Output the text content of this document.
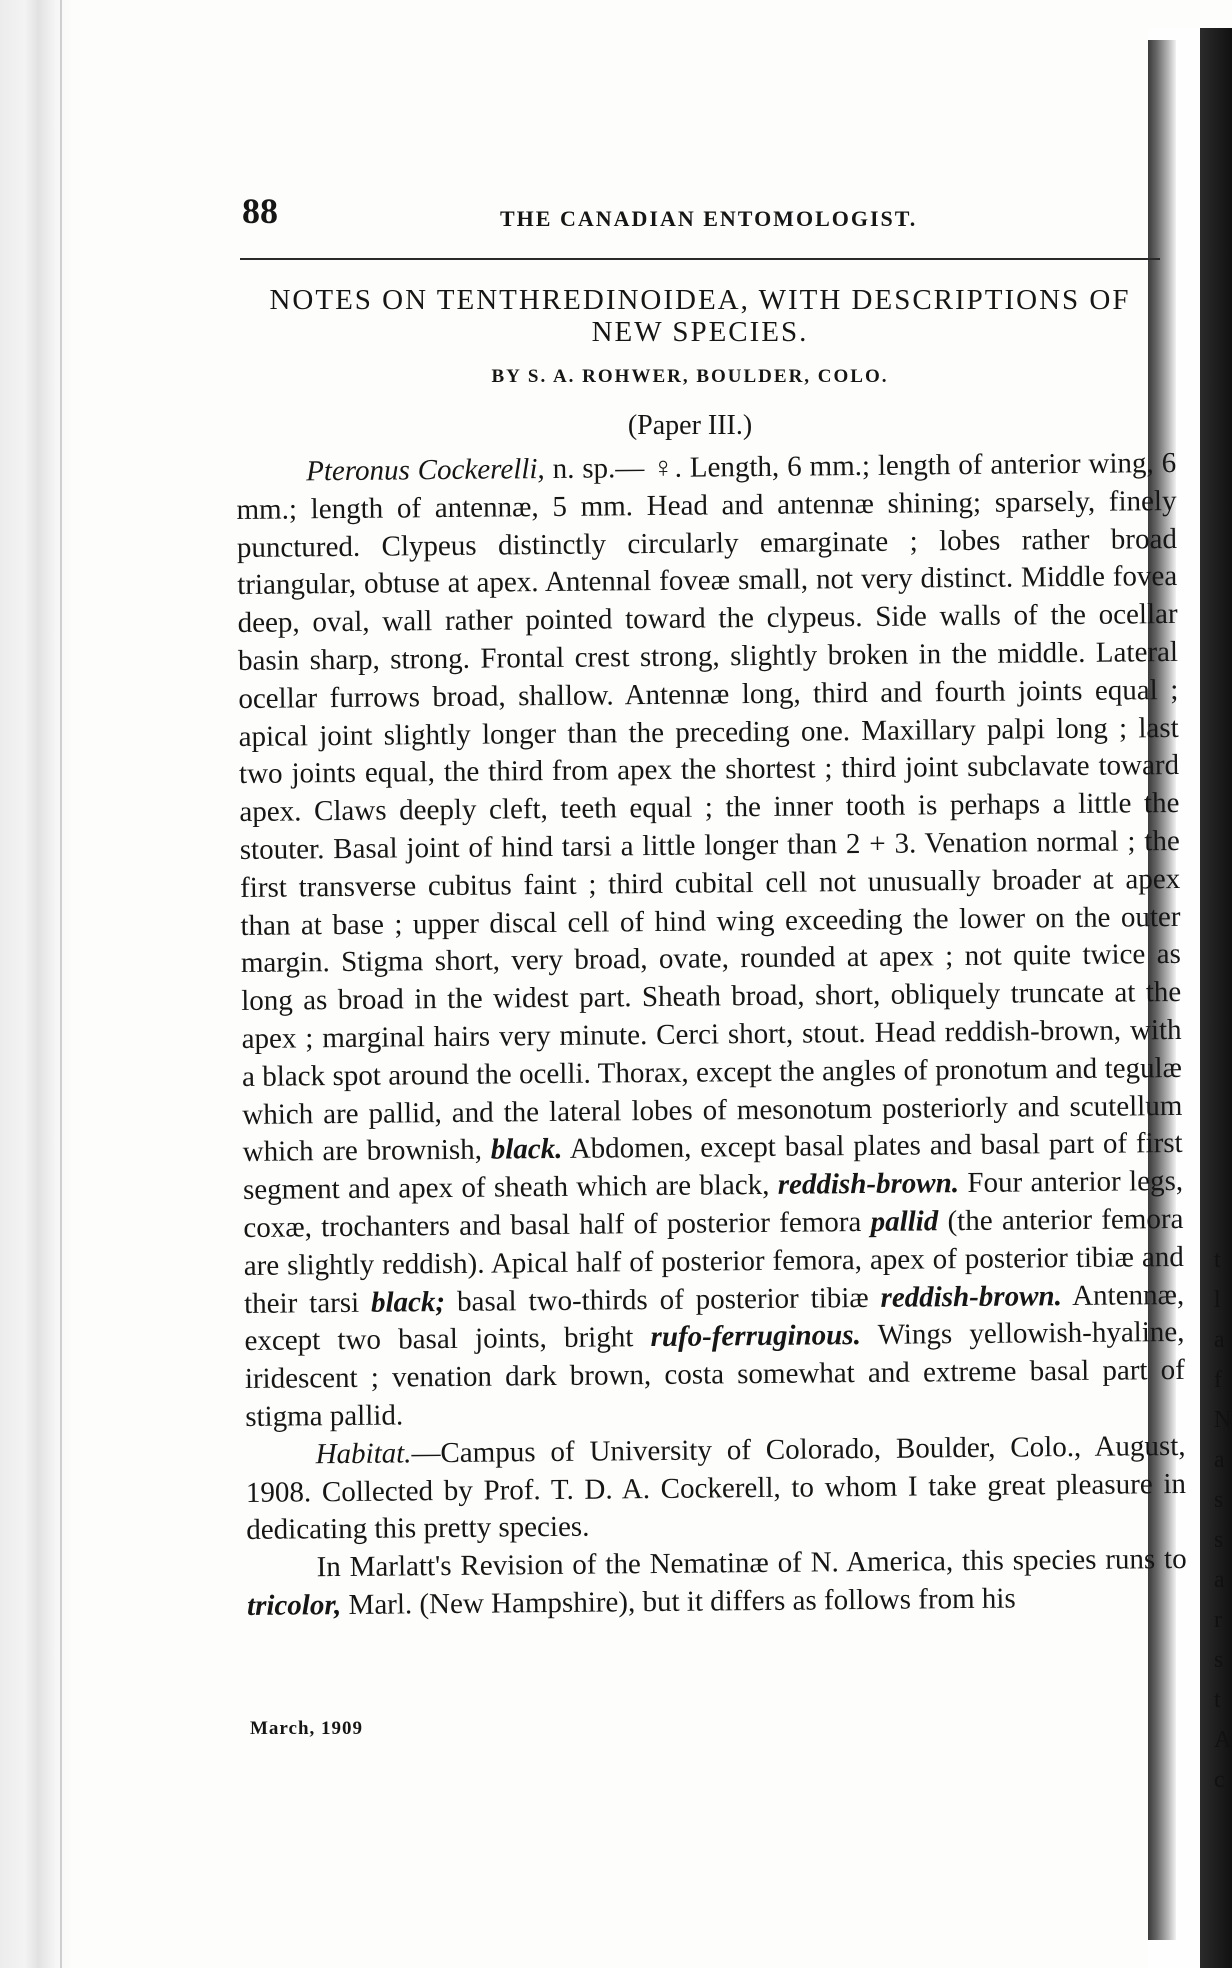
t
l
a
f
N
a
s
s
a
r
s
t
A
c
88	THE CANADIAN ENTOMOLOGIST.
NOTES ON TENTHREDINOIDEA, WITH DESCRIPTIONS OF
NEW SPECIES.
BY S. A. ROHWER, BOULDER, COLO.
(Paper III.)

Pteronus Cockerelli, n. sp.— ♀. Length, 6 mm.; length of anterior wing, 6 mm.; length of antennæ, 5 mm. Head and antennæ shining; sparsely, finely punctured. Clypeus distinctly circularly emarginate ; lobes rather broad triangular, obtuse at apex. Antennal foveæ small, not very distinct. Middle fovea deep, oval, wall rather pointed toward the clypeus. Side walls of the ocellar basin sharp, strong. Frontal crest strong, slightly broken in the middle. Lateral ocellar furrows broad, shallow. Antennæ long, third and fourth joints equal ; apical joint slightly longer than the preceding one. Maxillary palpi long ; last two joints equal, the third from apex the shortest ; third joint subclavate toward apex. Claws deeply cleft, teeth equal ; the inner tooth is perhaps a little the stouter. Basal joint of hind tarsi a little longer than 2 + 3. Venation normal ; the first transverse cubitus faint ; third cubital cell not unusually broader at apex than at base ; upper discal cell of hind wing exceeding the lower on the outer margin. Stigma short, very broad, ovate, rounded at apex ; not quite twice as long as broad in the widest part. Sheath broad, short, obliquely truncate at the apex ; marginal hairs very minute. Cerci short, stout. Head reddish-brown, with a black spot around the ocelli. Thorax, except the angles of pronotum and tegulæ which are pallid, and the lateral lobes of mesonotum posteriorly and scutellum which are brownish, black. Abdomen, except basal plates and basal part of first segment and apex of sheath which are black, reddish-brown. Four anterior legs, coxæ, trochanters and basal half of posterior femora pallid (the anterior femora are slightly reddish). Apical half of posterior femora, apex of posterior tibiæ and their tarsi black; basal two-thirds of posterior tibiæ reddish-brown. Antennæ, except two basal joints, bright rufo-ferruginous. Wings yellowish-hyaline, iridescent ; venation dark brown, costa somewhat and extreme basal part of stigma pallid.

Habitat.—Campus of University of Colorado, Boulder, Colo., August, 1908. Collected by Prof. T. D. A. Cockerell, to whom I take great pleasure in dedicating this pretty species.

In Marlatt's Revision of the Nematinæ of N. America, this species runs to tricolor, Marl. (New Hampshire), but it differs as follows from his

March, 1909
